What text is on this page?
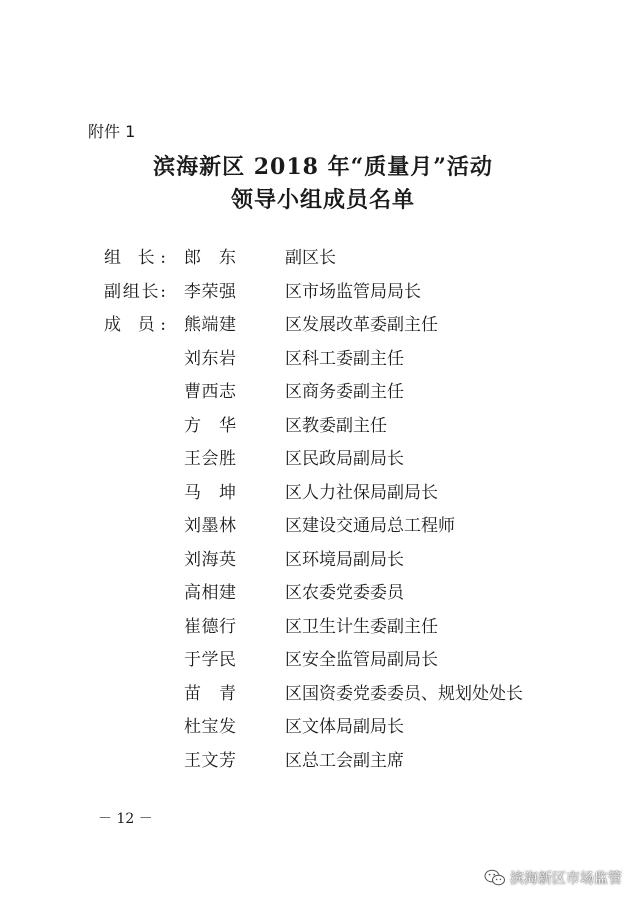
附件 1
滨海新区 2018 年“质量月”活动
领导小组成员名单
组 长: 郎 东	副区长
副组长: 李荣强	区市场监管局局长
成 员: 熊端建	区发展改革委副主任
刘东岩	区科工委副主任
曹西志	区商务委副主任
方 华	区教委副主任
王会胜	区民政局副局长
马 坤	区人力社保局副局长
刘墨林	区建设交通局总工程师
刘海英	区环境局副局长
高相建	区农委党委委员
崔德行	区卫生计生委副主任
于学民	区安全监管局副局长
苗 青	区国资委党委委员、规划处处长
杜宝发	区文体局副局长
王文芳	区总工会副主席
－ 12 －
滨海新区市场监管
